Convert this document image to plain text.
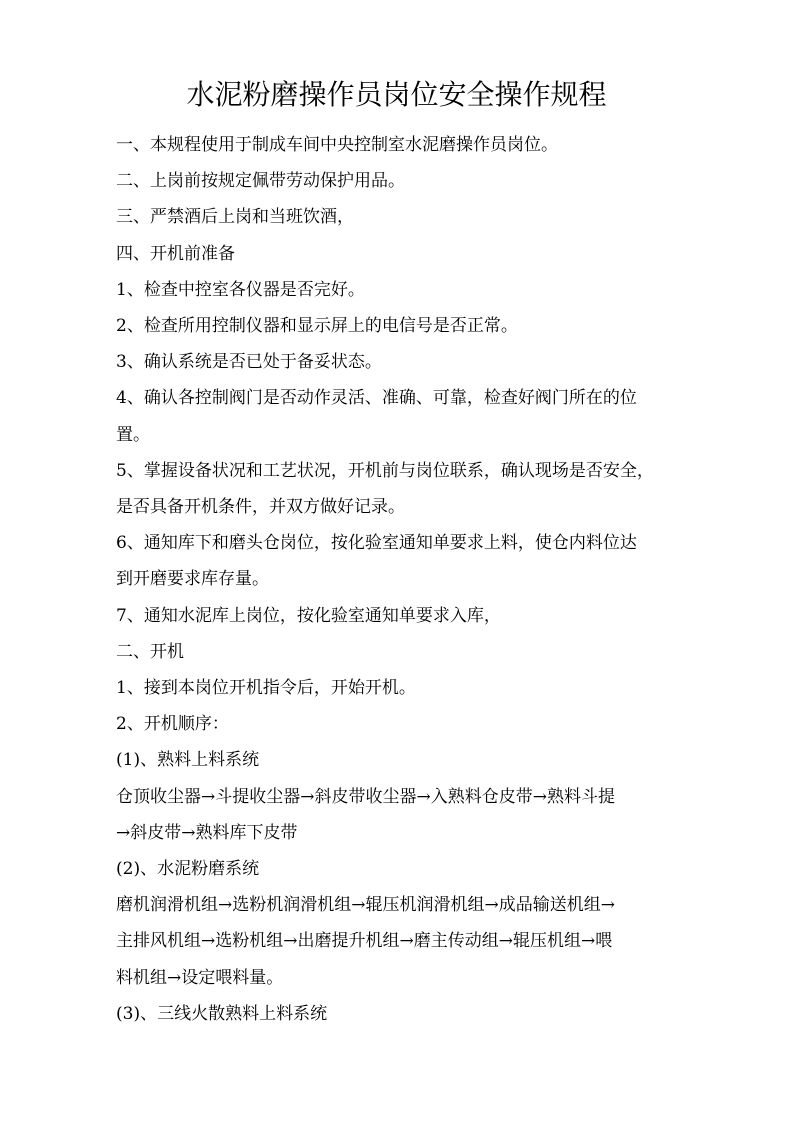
水泥粉磨操作员岗位安全操作规程

一、本规程使用于制成车间中央控制室水泥磨操作员岗位。

二、上岗前按规定佩带劳动保护用品。

三、严禁酒后上岗和当班饮酒，

四、开机前准备

1、检查中控室各仪器是否完好。

2、检查所用控制仪器和显示屏上的电信号是否正常。

3、确认系统是否已处于备妥状态。

4、确认各控制阀门是否动作灵活、准确、可靠，检查好阀门所在的位

置。

5、掌握设备状况和工艺状况，开机前与岗位联系，确认现场是否安全，

是否具备开机条件，并双方做好记录。

6、通知库下和磨头仓岗位，按化验室通知单要求上料，使仓内料位达

到开磨要求库存量。

7、通知水泥库上岗位，按化验室通知单要求入库，

二、开机

1、接到本岗位开机指令后，开始开机。

2、开机顺序：

(1)、熟料上料系统

仓顶收尘器→斗提收尘器→斜皮带收尘器→入熟料仓皮带→熟料斗提

→斜皮带→熟料库下皮带

(2)、水泥粉磨系统

磨机润滑机组→选粉机润滑机组→辊压机润滑机组→成品输送机组→

主排风机组→选粉机组→出磨提升机组→磨主传动组→辊压机组→喂

料机组→设定喂料量。

(3)、三线火散熟料上料系统
